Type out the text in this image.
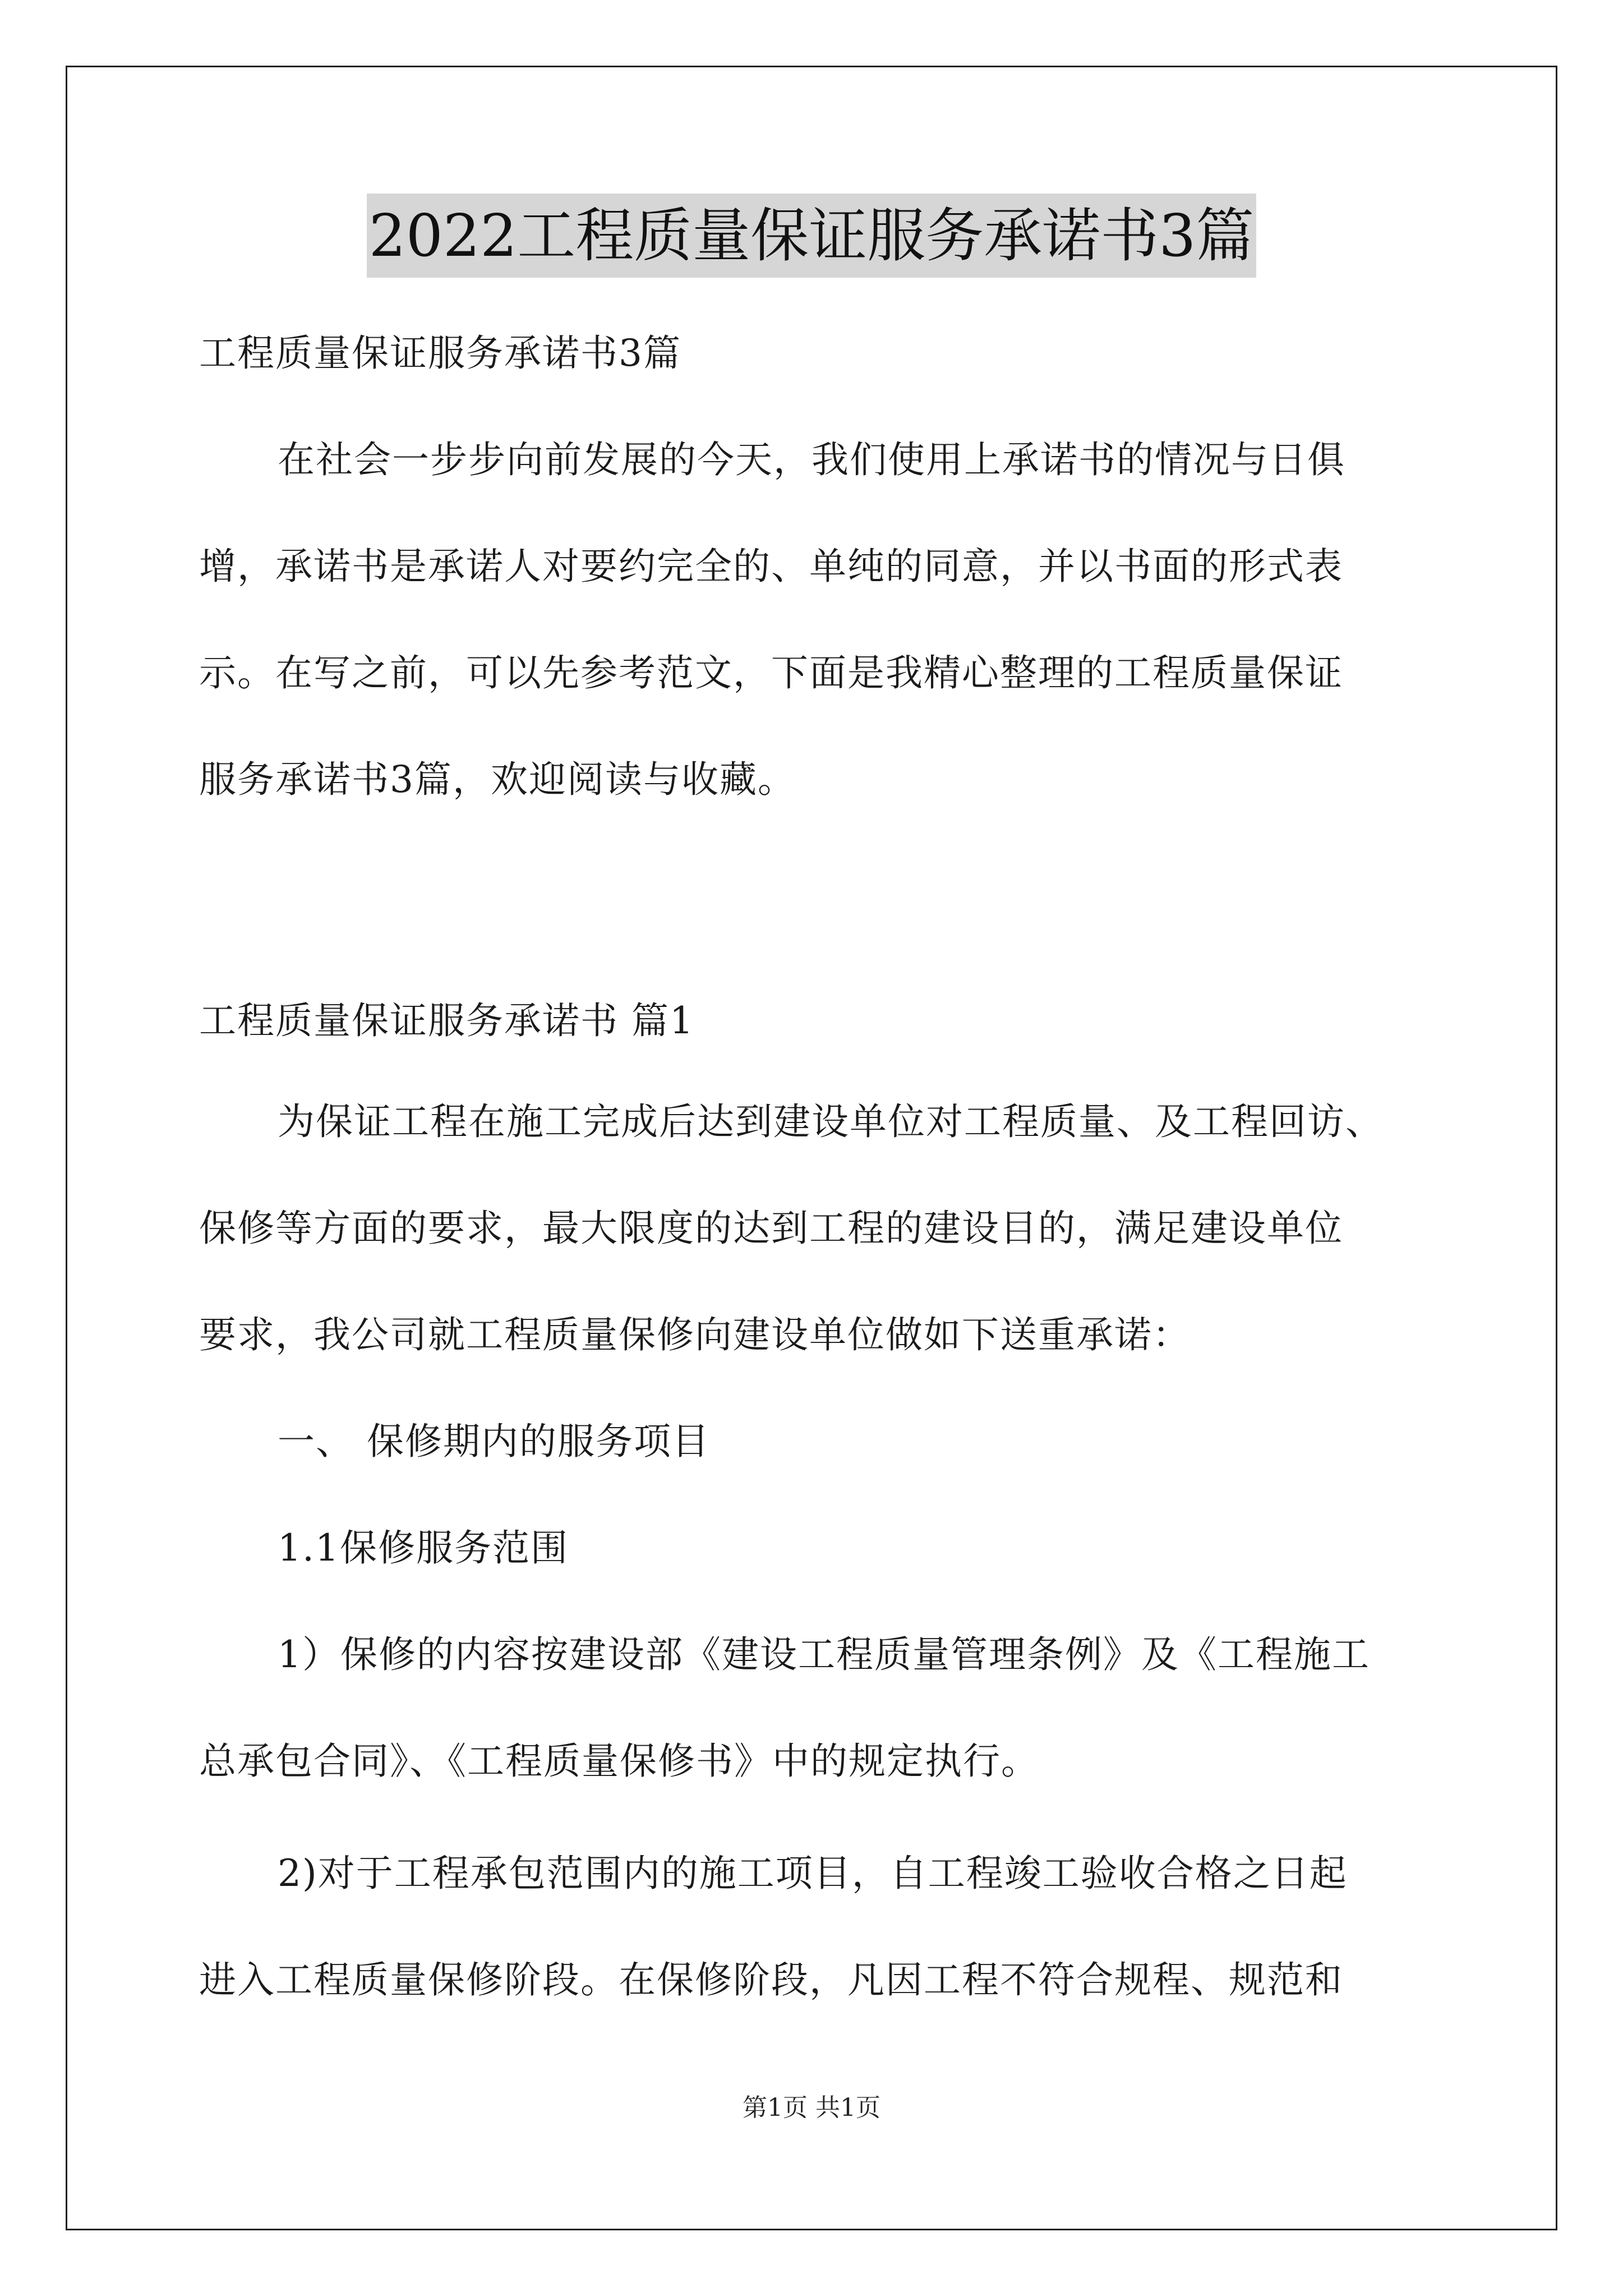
2022工程质量保证服务承诺书3篇
工程质量保证服务承诺书3篇
在社会一步步向前发展的今天，我们使用上承诺书的情况与日俱
增，承诺书是承诺人对要约完全的、单纯的同意，并以书面的形式表
示。在写之前，可以先参考范文，下面是我精心整理的工程质量保证
服务承诺书3篇，欢迎阅读与收藏。
工程质量保证服务承诺书 篇1
为保证工程在施工完成后达到建设单位对工程质量、及工程回访、
保修等方面的要求，最大限度的达到工程的建设目的，满足建设单位
要求，我公司就工程质量保修向建设单位做如下送重承诺：
一、 保修期内的服务项目
1.1保修服务范围
1）保修的内容按建设部《建设工程质量管理条例》及《工程施工
总承包合同》、《工程质量保修书》中的规定执行。
2)对于工程承包范围内的施工项目，自工程竣工验收合格之日起
进入工程质量保修阶段。在保修阶段，凡因工程不符合规程、规范和
第1页 共1页
